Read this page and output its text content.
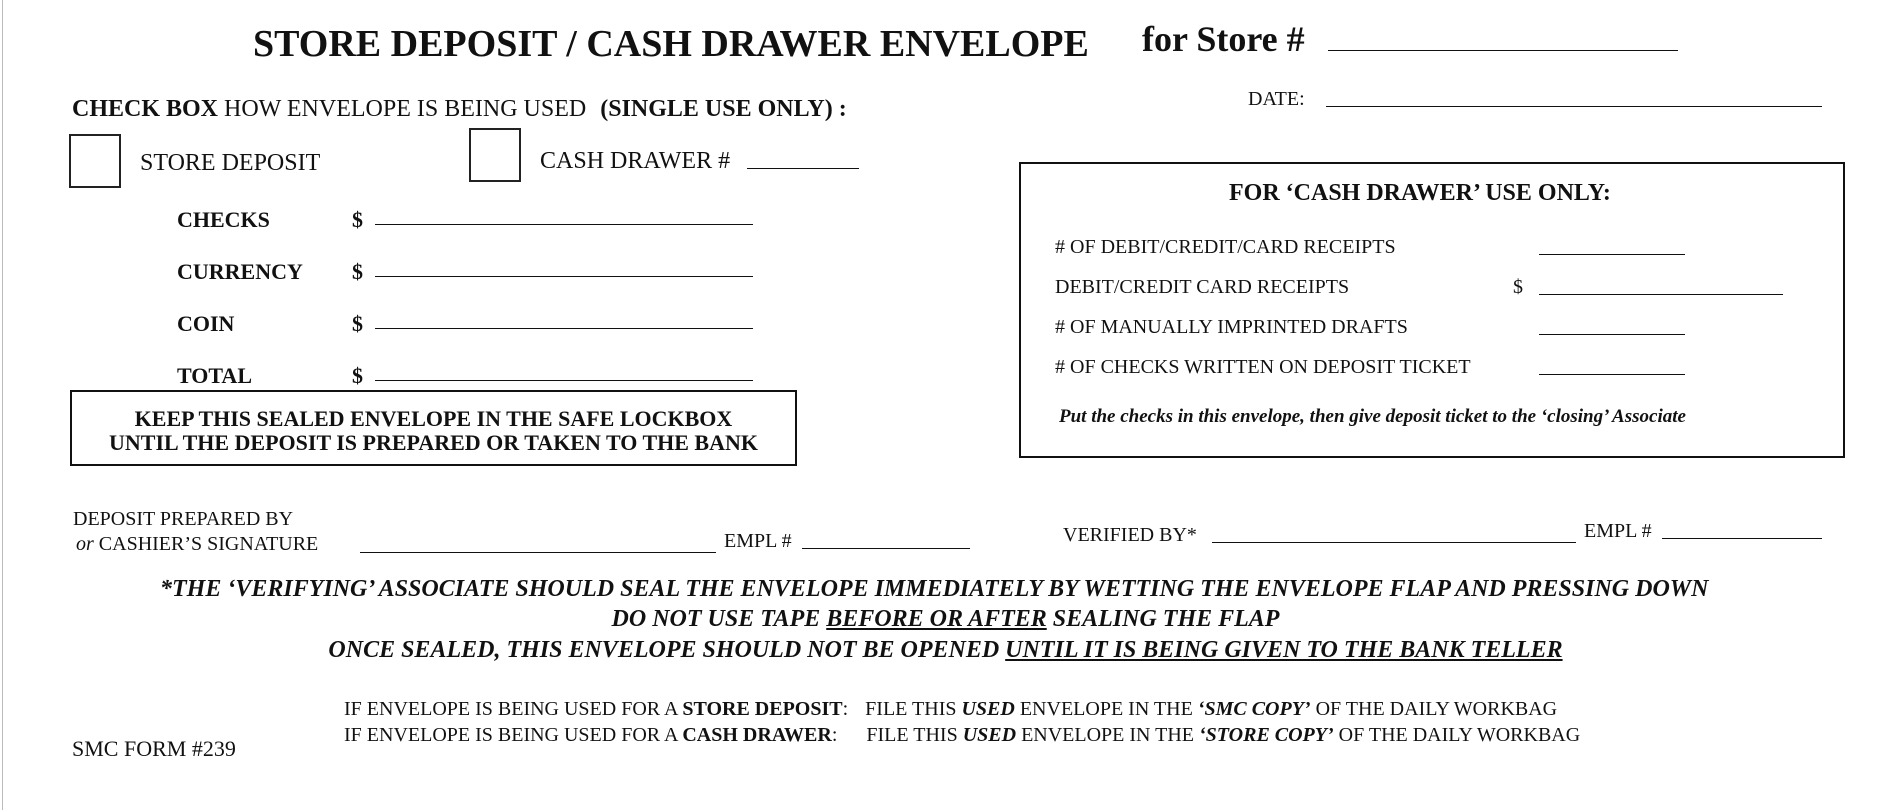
STORE DEPOSIT / CASH DRAWER ENVELOPE for Store #
DATE:
CHECK BOX HOW ENVELOPE IS BEING USED (SINGLE USE ONLY) :
STORE DEPOSIT	CASH DRAWER #
CHECKS	$
CURRENCY $
COIN	$
TOTAL	$
KEEP THIS SEALED ENVELOPE IN THE SAFE LOCKBOX
UNTIL THE DEPOSIT IS PREPARED OR TAKEN TO THE BANK
FOR ‘CASH DRAWER’ USE ONLY:
# OF DEBIT/CREDIT/CARD RECEIPTS
DEBIT/CREDIT CARD RECEIPTS	$
# OF MANUALLY IMPRINTED DRAFTS
# OF CHECKS WRITTEN ON DEPOSIT TICKET
Put the checks in this envelope, then give deposit ticket to the ‘closing’ Associate
DEPOSIT PREPARED BY
or CASHIER’S SIGNATURE	EMPL #	VERIFIED BY*	EMPL #
*THE ‘VERIFYING’ ASSOCIATE SHOULD SEAL THE ENVELOPE IMMEDIATELY BY WETTING THE ENVELOPE FLAP AND PRESSING DOWN
DO NOT USE TAPE BEFORE OR AFTER SEALING THE FLAP
ONCE SEALED, THIS ENVELOPE SHOULD NOT BE OPENED UNTIL IT IS BEING GIVEN TO THE BANK TELLER
IF ENVELOPE IS BEING USED FOR A STORE DEPOSIT: FILE THIS USED ENVELOPE IN THE ‘SMC COPY’ OF THE DAILY WORKBAG
IF ENVELOPE IS BEING USED FOR A CASH DRAWER: FILE THIS USED ENVELOPE IN THE ‘STORE COPY’ OF THE DAILY WORKBAG
SMC FORM #239
